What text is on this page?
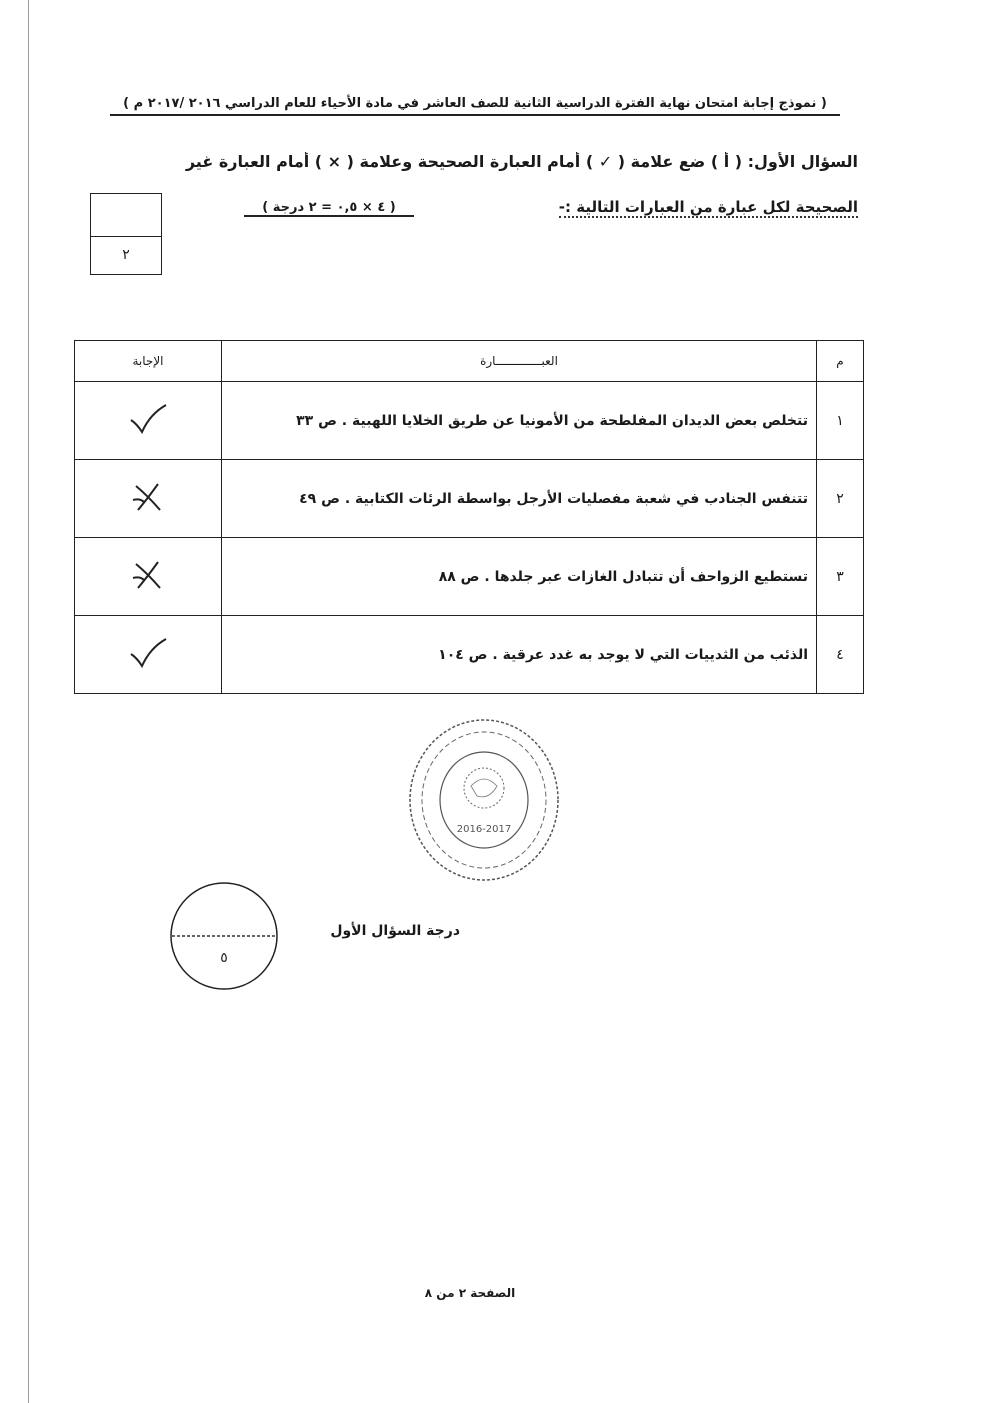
( نموذج إجابة امتحان نهاية الفترة الدراسية الثانية للصف العاشر في مادة الأحياء للعام الدراسي ٢٠١٦ /٢٠١٧ م )
السؤال الأول: ( أ ) ضع علامة ( ✓ ) أمام العبارة الصحيحة وعلامة ( × ) أمام العبارة غير
الصحيحة لكل عبارة من العبارات التالية :-
( ٤ × ٠,٥ = ٢ درجة )
٢
م	العبـــــــــــــارة	الإجابة
١	تتخلص بعض الديدان المفلطحة من الأمونيا عن طريق الخلايا اللهبية . ص ٣٣	
٢	تتنفس الجنادب في شعبة مفصليات الأرجل بواسطة الرئات الكتابية . ص ٤٩	
٣	تستطيع الزواحف أن تتبادل الغازات عبر جلدها . ص ٨٨	
٤	الذئب من الثدييات التي لا يوجد به غدد عرقية . ص ١٠٤	
2016-2017
٥
درجة السؤال الأول
الصفحة ٢ من ٨
